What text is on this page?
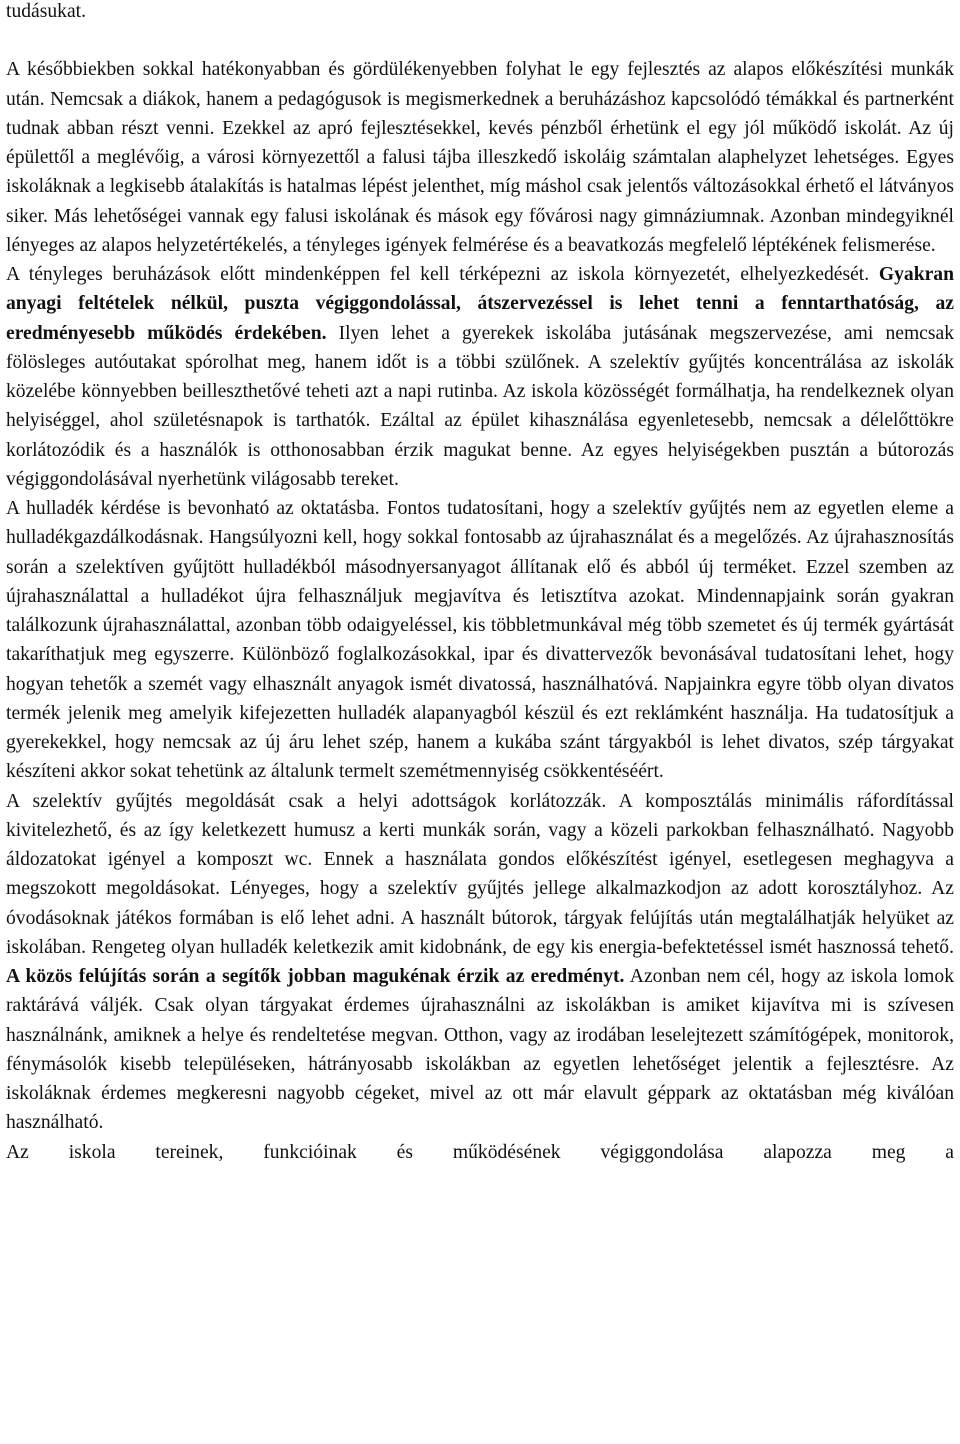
tudásukat.

A későbbiekben sokkal hatékonyabban és gördülékenyebben folyhat le egy fejlesztés az alapos előkészítési munkák után. Nemcsak a diákok, hanem a pedagógusok is megismerkednek a beruházáshoz kapcsolódó témákkal és partnerként tudnak abban részt venni. Ezekkel az apró fejlesztésekkel, kevés pénzből érhetünk el egy jól működő iskolát. Az új épülettől a meglévőig, a városi környezettől a falusi tájba illeszkedő iskoláig számtalan alaphelyzet lehetséges. Egyes iskoláknak a legkisebb átalakítás is hatalmas lépést jelenthet, míg máshol csak jelentős változásokkal érhető el látványos siker. Más lehetőségei vannak egy falusi iskolának és mások egy fővárosi nagy gimnáziumnak. Azonban mindegyiknél lényeges az alapos helyzetértékelés, a tényleges igények felmérése és a beavatkozás megfelelő léptékének felismerése.

A tényleges beruházások előtt mindenképpen fel kell térképezni az iskola környezetét, elhelyezkedését. Gyakran anyagi feltételek nélkül, puszta végiggondolással, átszervezéssel is lehet tenni a fenntarthatóság, az eredményesebb működés érdekében. Ilyen lehet a gyerekek iskolába jutásának megszervezése, ami nemcsak fölösleges autóutakat spórolhat meg, hanem időt is a többi szülőnek. A szelektív gyűjtés koncentrálása az iskolák közelébe könnyebben beilleszthetővé teheti azt a napi rutinba. Az iskola közösségét formálhatja, ha rendelkeznek olyan helyiséggel, ahol születésnapok is tarthatók. Ezáltal az épület kihasználása egyenletesebb, nemcsak a délelőttökre korlátozódik és a használók is otthonosabban érzik magukat benne. Az egyes helyiségekben pusztán a bútorozás végiggondolásával nyerhetünk világosabb tereket.

A hulladék kérdése is bevonható az oktatásba. Fontos tudatosítani, hogy a szelektív gyűjtés nem az egyetlen eleme a hulladékgazdálkodásnak. Hangsúlyozni kell, hogy sokkal fontosabb az újrahasználat és a megelőzés. Az újrahasznosítás során a szelektíven gyűjtött hulladékból másodnyersanyagot állítanak elő és abból új terméket. Ezzel szemben az újrahasználattal a hulladékot újra felhasználjuk megjavítva és letisztítva azokat. Mindennapjaink során gyakran találkozunk újrahasználattal, azonban több odaigyeléssel, kis többletmunkával még több szemetet és új termék gyártását takaríthatjuk meg egyszerre. Különböző foglalkozásokkal, ipar és divattervezők bevonásával tudatosítani lehet, hogy hogyan tehetők a szemét vagy elhasznált anyagok ismét divatossá, használhatóvá. Napjainkra egyre több olyan divatos termék jelenik meg amelyik kifejezetten hulladék alapanyagból készül és ezt reklámként használja. Ha tudatosítjuk a gyerekekkel, hogy nemcsak az új áru lehet szép, hanem a kukába szánt tárgyakból is lehet divatos, szép tárgyakat készíteni akkor sokat tehetünk az általunk termelt szemétmennyiség csökkentéséért.

A szelektív gyűjtés megoldását csak a helyi adottságok korlátozzák. A komposztálás minimális ráfordítással kivitelezhető, és az így keletkezett humusz a kerti munkák során, vagy a közeli parkokban felhasználható. Nagyobb áldozatokat igényel a komposzt wc. Ennek a használata gondos előkészítést igényel, esetlegesen meghagyva a megszokott megoldásokat. Lényeges, hogy a szelektív gyűjtés jellege alkalmazkodjon az adott korosztályhoz. Az óvodásoknak játékos formában is elő lehet adni. A használt bútorok, tárgyak felújítás után megtalálhatják helyüket az iskolában. Rengeteg olyan hulladék keletkezik amit kidobnánk, de egy kis energia-befektetéssel ismét hasznossá tehető. A közös felújítás során a segítők jobban magukénak érzik az eredményt. Azonban nem cél, hogy az iskola lomok raktárává váljék. Csak olyan tárgyakat érdemes újrahasználni az iskolákban is amiket kijavítva mi is szívesen használnánk, amiknek a helye és rendeltetése megvan. Otthon, vagy az irodában leselejtezett számítógépek, monitorok, fénymásolók kisebb településeken, hátrányosabb iskolákban az egyetlen lehetőséget jelentik a fejlesztésre. Az iskoláknak érdemes megkeresni nagyobb cégeket, mivel az ott már elavult géppark az oktatásban még kiválóan használható.

Az iskola tereinek, funkcióinak és működésének végiggondolása alapozza meg a
